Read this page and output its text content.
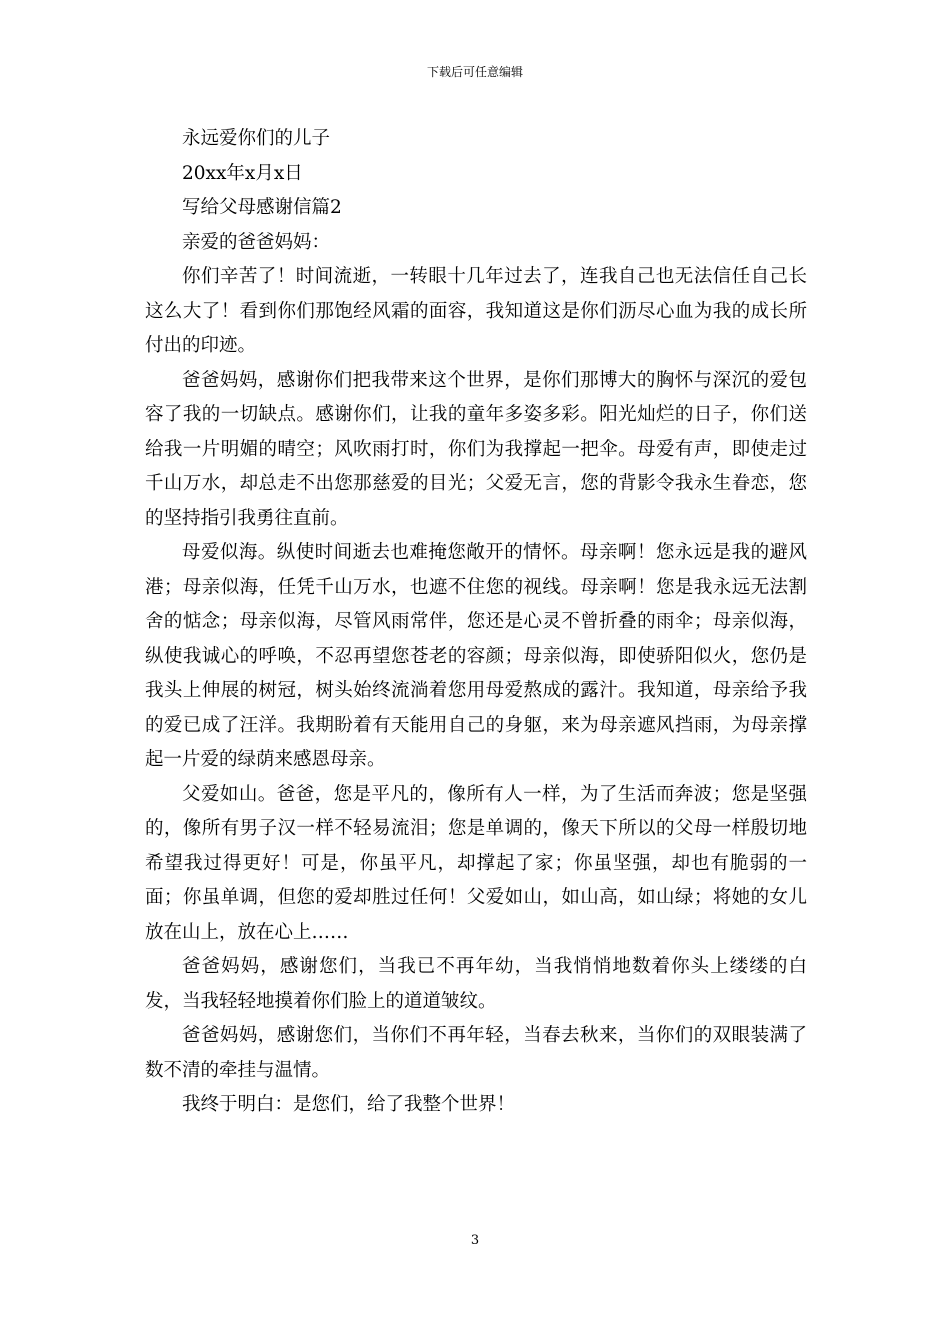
下载后可任意编辑

永远爱你们的儿子

20xx年x月x日

写给父母感谢信篇2

亲爱的爸爸妈妈：

你们辛苦了！时间流逝，一转眼十几年过去了，连我自己也无法信任自己长这么大了！看到你们那饱经风霜的面容，我知道这是你们沥尽心血为我的成长所付出的印迹。

爸爸妈妈，感谢你们把我带来这个世界，是你们那博大的胸怀与深沉的爱包容了我的一切缺点。感谢你们，让我的童年多姿多彩。阳光灿烂的日子，你们送给我一片明媚的晴空；风吹雨打时，你们为我撑起一把伞。母爱有声，即使走过千山万水，却总走不出您那慈爱的目光；父爱无言，您的背影令我永生眷恋，您的坚持指引我勇往直前。

母爱似海。纵使时间逝去也难掩您敞开的情怀。母亲啊！您永远是我的避风港；母亲似海，任凭千山万水，也遮不住您的视线。母亲啊！您是我永远无法割舍的惦念；母亲似海，尽管风雨常伴，您还是心灵不曾折叠的雨伞；母亲似海，纵使我诚心的呼唤，不忍再望您苍老的容颜；母亲似海，即使骄阳似火，您仍是我头上伸展的树冠，树头始终流淌着您用母爱熬成的露汁。我知道，母亲给予我的爱已成了汪洋。我期盼着有天能用自己的身躯，来为母亲遮风挡雨，为母亲撑起一片爱的绿荫来感恩母亲。

父爱如山。爸爸，您是平凡的，像所有人一样，为了生活而奔波；您是坚强的，像所有男子汉一样不轻易流泪；您是单调的，像天下所以的父母一样殷切地希望我过得更好！可是，你虽平凡，却撑起了家；你虽坚强，却也有脆弱的一面；你虽单调，但您的爱却胜过任何！父爱如山，如山高，如山绿；将她的女儿放在山上，放在心上……

爸爸妈妈，感谢您们，当我已不再年幼，当我悄悄地数着你头上缕缕的白发，当我轻轻地摸着你们脸上的道道皱纹。

爸爸妈妈，感谢您们，当你们不再年轻，当春去秋来，当你们的双眼装满了数不清的牵挂与温情。

我终于明白：是您们，给了我整个世界！

3
